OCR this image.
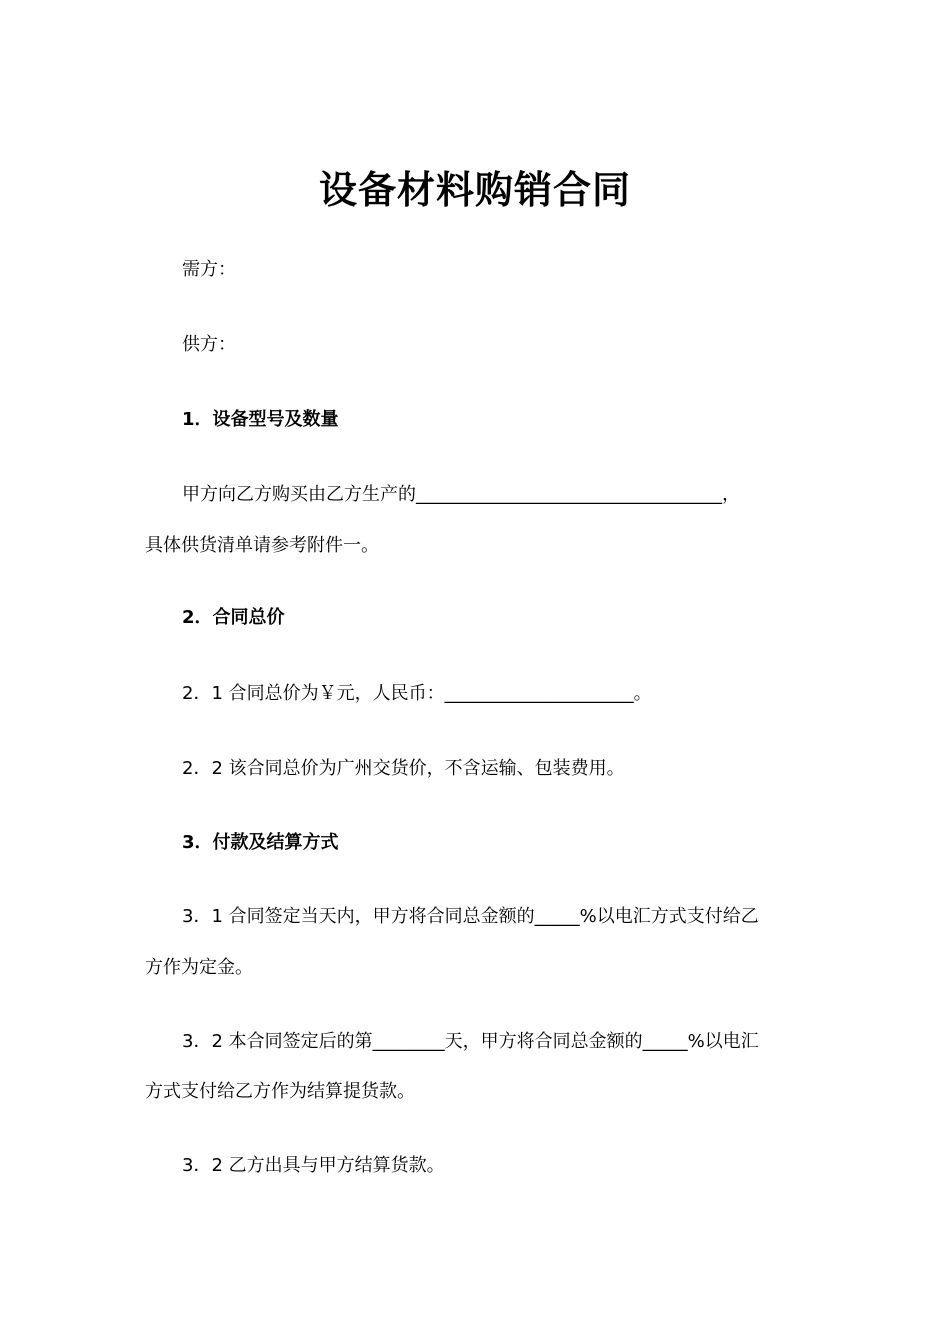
设备材料购销合同
需方：
供方：
1．设备型号及数量
甲方向乙方购买由乙方生产的__________________________________，
具体供货清单请参考附件一。
2．合同总价
2．1 合同总价为￥元，人民币：_____________________。
2．2 该合同总价为广州交货价，不含运输、包装费用。
3．付款及结算方式
3．1 合同签定当天内，甲方将合同总金额的_____%以电汇方式支付给乙
方作为定金。
3．2 本合同签定后的第________天，甲方将合同总金额的_____%以电汇
方式支付给乙方作为结算提货款。
3．2 乙方出具与甲方结算货款。
